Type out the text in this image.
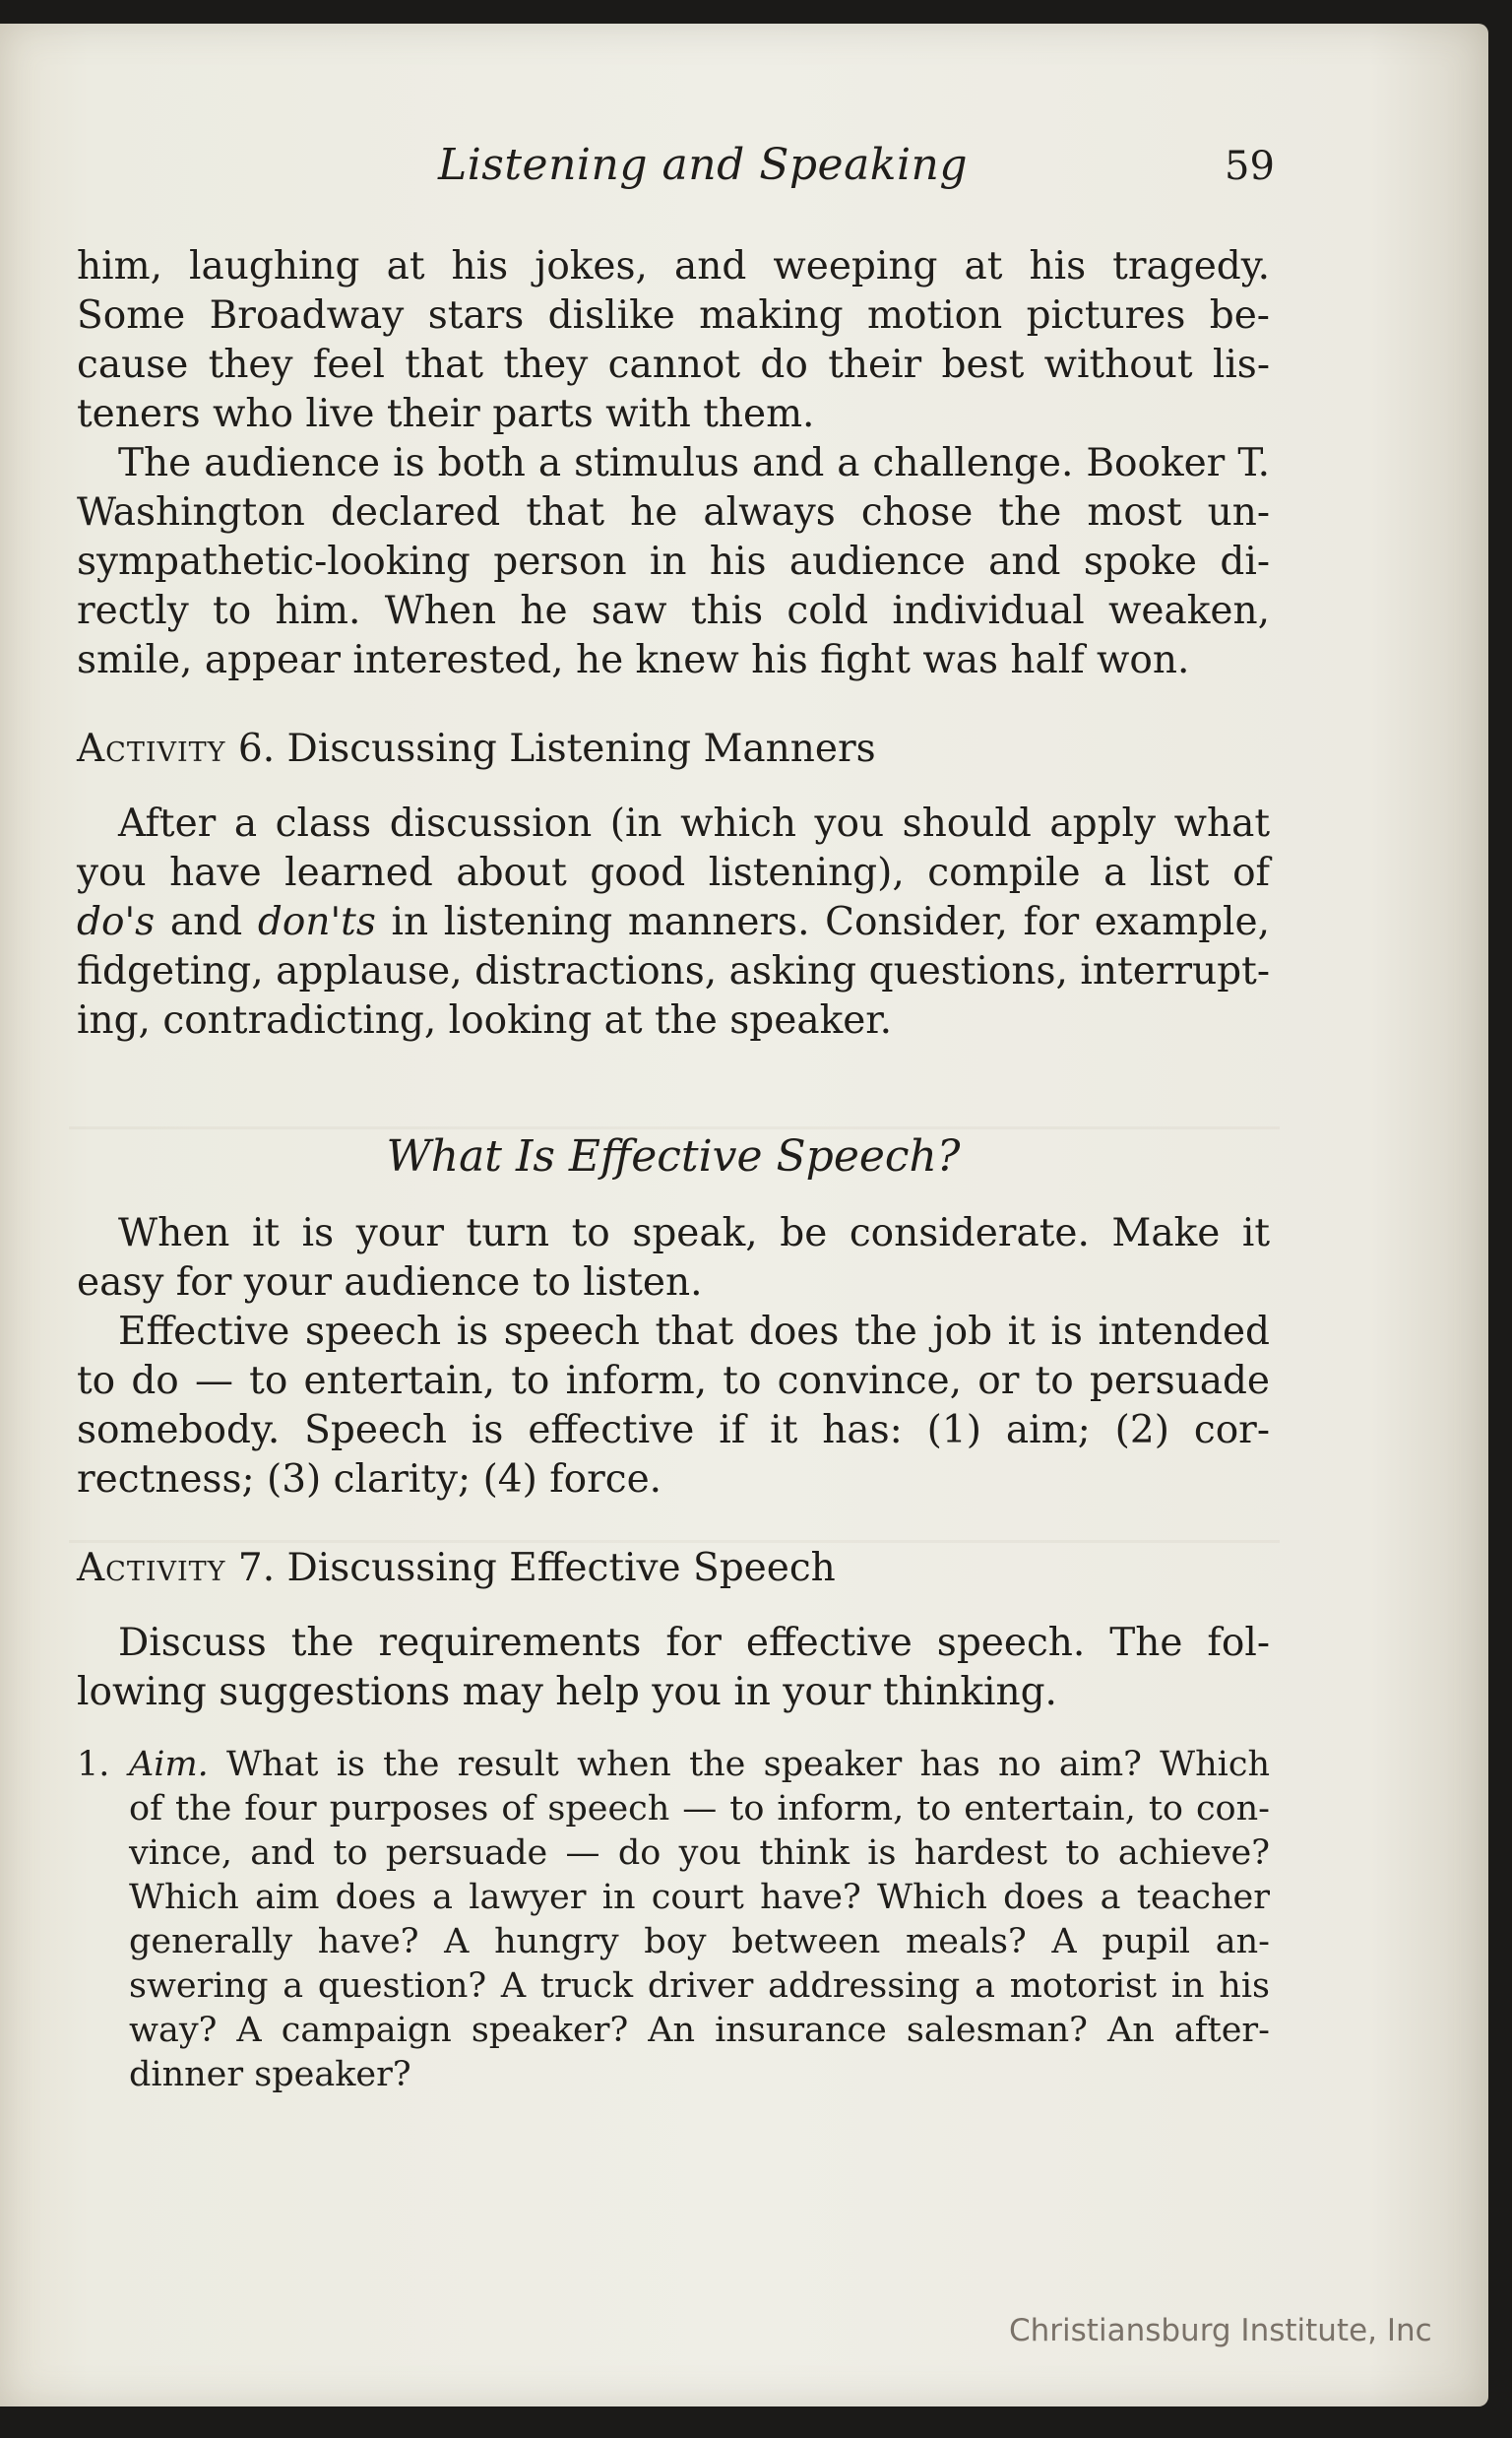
Listening and Speaking	59

him, laughing at his jokes, and weeping at his tragedy.

Some Broadway stars dislike making motion pictures be-

cause they feel that they cannot do their best without lis-

teners who live their parts with them.

The audience is both a stimulus and a challenge. Booker T.

Washington declared that he always chose the most un-

sympathetic-looking person in his audience and spoke di-

rectly to him. When he saw this cold individual weaken,

smile, appear interested, he knew his fight was half won.

Activity 6. Discussing Listening Manners

After a class discussion (in which you should apply what

you have learned about good listening), compile a list of

do's and don'ts in listening manners. Consider, for example,

fidgeting, applause, distractions, asking questions, interrupt-

ing, contradicting, looking at the speaker.

What Is Effective Speech?

When it is your turn to speak, be considerate. Make it

easy for your audience to listen.

Effective speech is speech that does the job it is intended

to do — to entertain, to inform, to convince, or to persuade

somebody. Speech is effective if it has: (1) aim; (2) cor-

rectness; (3) clarity; (4) force.

Activity 7. Discussing Effective Speech

Discuss the requirements for effective speech. The fol-

lowing suggestions may help you in your thinking.

1. Aim. What is the result when the speaker has no aim? Which

of the four purposes of speech — to inform, to entertain, to con-

vince, and to persuade — do you think is hardest to achieve?

Which aim does a lawyer in court have? Which does a teacher

generally have? A hungry boy between meals? A pupil an-

swering a question? A truck driver addressing a motorist in his

way? A campaign speaker? An insurance salesman? An after-

dinner speaker?

Christiansburg Institute, Inc
